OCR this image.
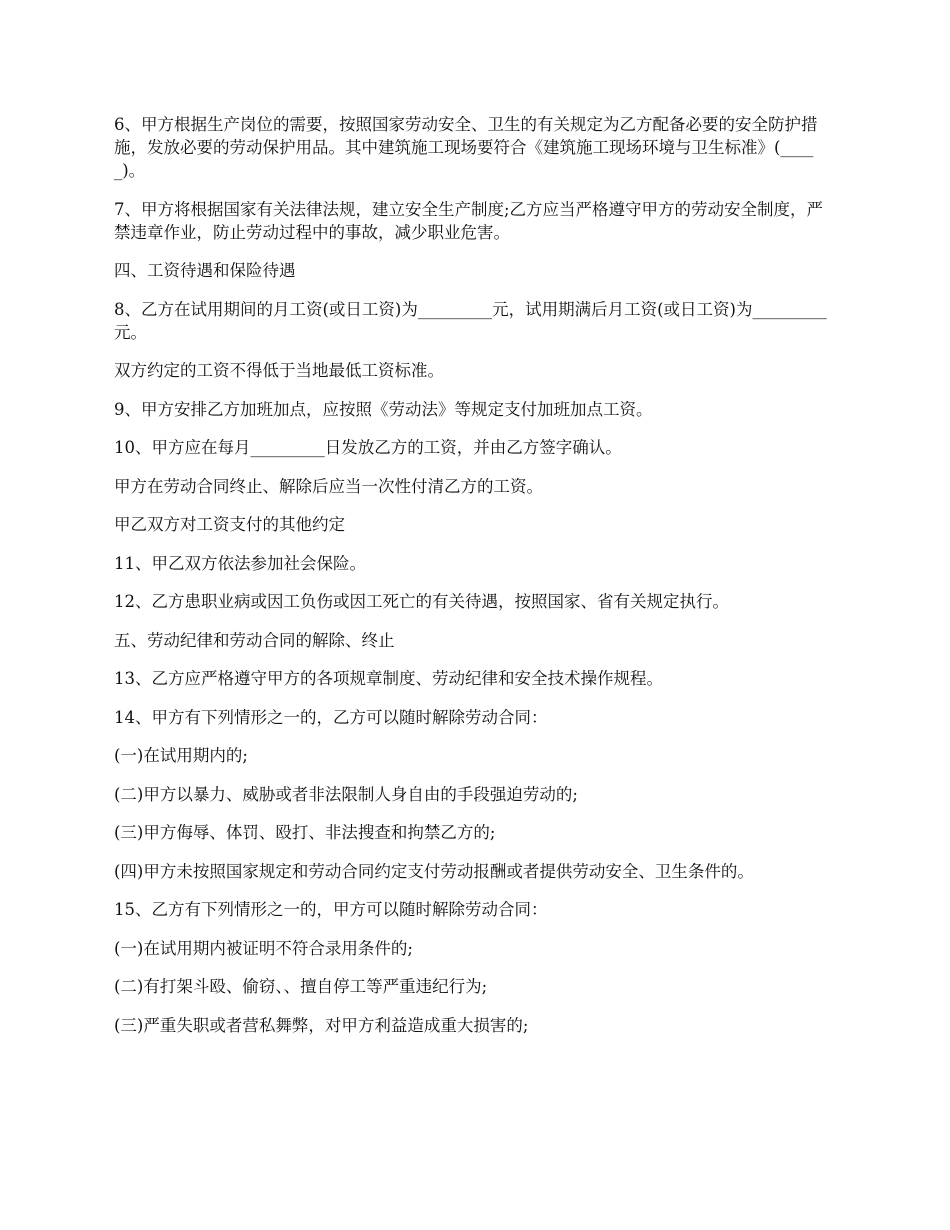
6、甲方根据生产岗位的需要，按照国家劳动安全、卫生的有关规定为乙方配备必要的安全防护措施，发放必要的劳动保护用品。其中建筑施工现场要符合《建筑施工现场环境与卫生标准》(_____)。

7、甲方将根据国家有关法律法规，建立安全生产制度;乙方应当严格遵守甲方的劳动安全制度，严禁违章作业，防止劳动过程中的事故，减少职业危害。

四、工资待遇和保险待遇

8、乙方在试用期间的月工资(或日工资)为_________元，试用期满后月工资(或日工资)为_________元。

双方约定的工资不得低于当地最低工资标准。

9、甲方安排乙方加班加点，应按照《劳动法》等规定支付加班加点工资。

10、甲方应在每月_________日发放乙方的工资，并由乙方签字确认。

甲方在劳动合同终止、解除后应当一次性付清乙方的工资。

甲乙双方对工资支付的其他约定

11、甲乙双方依法参加社会保险。

12、乙方患职业病或因工负伤或因工死亡的有关待遇，按照国家、省有关规定执行。

五、劳动纪律和劳动合同的解除、终止

13、乙方应严格遵守甲方的各项规章制度、劳动纪律和安全技术操作规程。

14、甲方有下列情形之一的，乙方可以随时解除劳动合同：

(一)在试用期内的;

(二)甲方以暴力、威胁或者非法限制人身自由的手段强迫劳动的;

(三)甲方侮辱、体罚、殴打、非法搜查和拘禁乙方的;

(四)甲方未按照国家规定和劳动合同约定支付劳动报酬或者提供劳动安全、卫生条件的。

15、乙方有下列情形之一的，甲方可以随时解除劳动合同：

(一)在试用期内被证明不符合录用条件的;

(二)有打架斗殴、偷窃、、擅自停工等严重违纪行为;

(三)严重失职或者营私舞弊，对甲方利益造成重大损害的;
